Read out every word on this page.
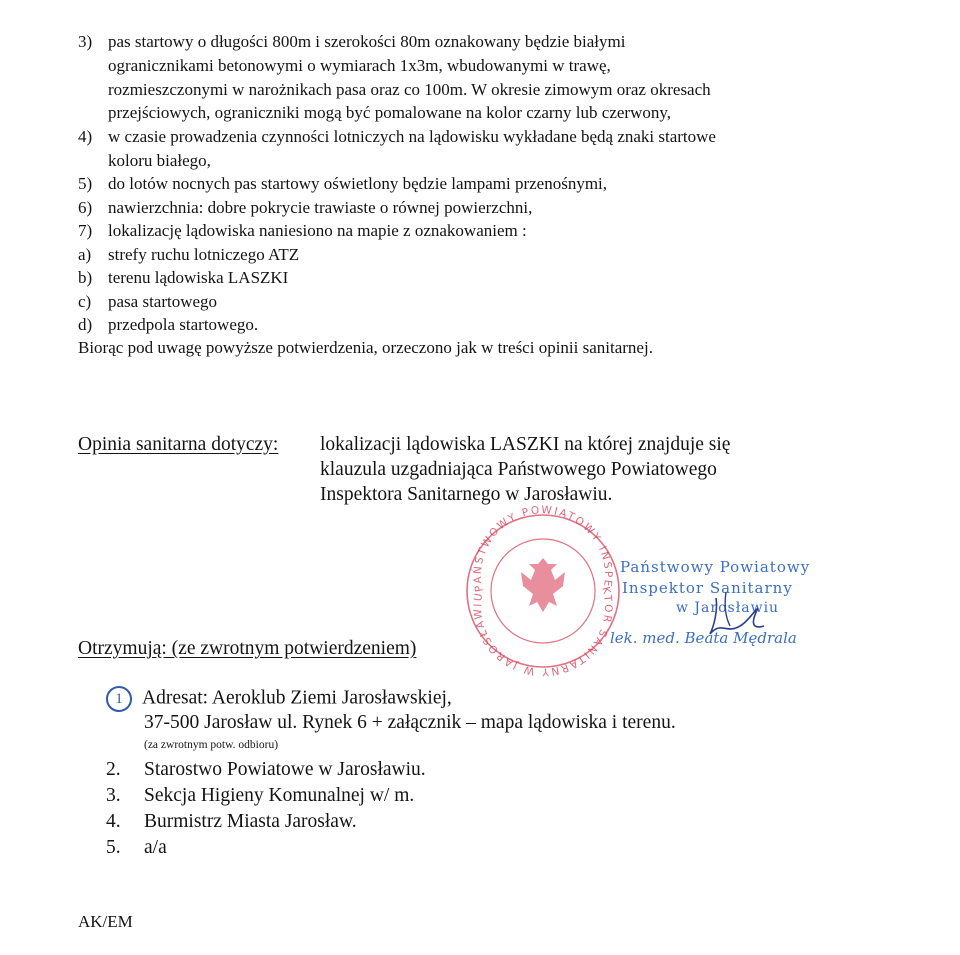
3) pas startowy o długości 800m i szerokości 80m oznakowany będzie białymi
ogranicznikami betonowymi o wymiarach 1x3m, wbudowanymi w trawę,
rozmieszczonymi w narożnikach pasa oraz co 100m. W okresie zimowym oraz okresach
przejściowych, ograniczniki mogą być pomalowane na kolor czarny lub czerwony,
4) w czasie prowadzenia czynności lotniczych na lądowisku wykładane będą znaki startowe
koloru białego,
5) do lotów nocnych pas startowy oświetlony będzie lampami przenośnymi,
6) nawierzchnia: dobre pokrycie trawiaste o równej powierzchni,
7) lokalizację lądowiska naniesiono na mapie z oznakowaniem :
a) strefy ruchu lotniczego ATZ
b) terenu lądowiska LASZKI
c) pasa startowego
d) przedpola startowego.
Biorąc pod uwagę powyższe potwierdzenia, orzeczono jak w treści opinii sanitarnej.
Opinia sanitarna dotyczy: lokalizacji lądowiska LASZKI na której znajduje się
klauzula uzgadniająca Państwowego Powiatowego
Inspektora Sanitarnego w Jarosławiu.
PAŃSTWOWY POWIATOWY INSPEKTOR SANITARNY W JAROSŁAWIU
Państwowy Powiatowy
Inspektor Sanitarny
w Jarosławiu
lek. med. Beata Mędrala
Otrzymują: (ze zwrotnym potwierdzeniem)
1 Adresat: Aeroklub Ziemi Jarosławskiej,
37-500 Jarosław ul. Rynek 6 + załącznik – mapa lądowiska i terenu.
(za zwrotnym potw. odbioru)
2. Starostwo Powiatowe w Jarosławiu.
3. Sekcja Higieny Komunalnej w/ m.
4. Burmistrz Miasta Jarosław.
5. a/a
AK/EM
